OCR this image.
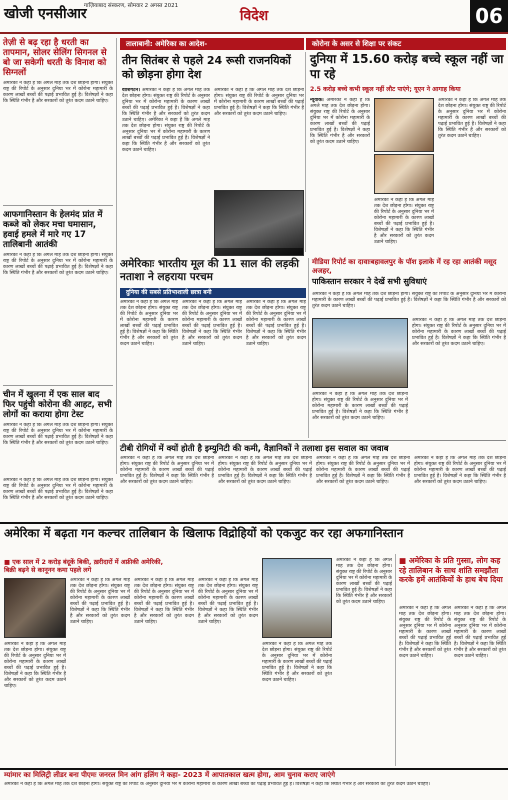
खोजी एनसीआर
गाज़ियाबाद संस्करण, सोमवार 2 अगस्त 2021
विदेश	06
तेज़ी से बढ़ रहा है धरती का तापमान, सोलर सेलिंग सिगनल से बो जा सकेगी धरती के विनाश को सिग्नलों
अमेरिका ने कहा है कि अगले माह तक देश छोड़ना होगा। संयुक्त राष्ट्र की रिपोर्ट के अनुसार दुनिया भर में कोरोना महामारी के कारण लाखों बच्चों की पढ़ाई प्रभावित हुई है। विशेषज्ञों ने कहा कि स्थिति गंभीर है और सरकारों को तुरंत कदम उठाने चाहिए।
आफगानिस्तान के हेलमंद प्रांत में कब्जे को लेकर मचा घमासान, हवाई हमले में मारे गए 17 तालिबानी आतंकी
अमेरिका ने कहा है कि अगले माह तक देश छोड़ना होगा। संयुक्त राष्ट्र की रिपोर्ट के अनुसार दुनिया भर में कोरोना महामारी के कारण लाखों बच्चों की पढ़ाई प्रभावित हुई है। विशेषज्ञों ने कहा कि स्थिति गंभीर है और सरकारों को तुरंत कदम उठाने चाहिए।
चीन में खुलना में एक साल बाद फिर पहुंची कोरोना की आहट, सभी लोगों का कराया होगा टेस्ट
अमेरिका ने कहा है कि अगले माह तक देश छोड़ना होगा। संयुक्त राष्ट्र की रिपोर्ट के अनुसार दुनिया भर में कोरोना महामारी के कारण लाखों बच्चों की पढ़ाई प्रभावित हुई है। विशेषज्ञों ने कहा कि स्थिति गंभीर है और सरकारों को तुरंत कदम उठाने चाहिए।
तालाबानी: अमेरिका का आदेश-	कोरोना के असर से शिक्षा पर संकट
तीन सितंबर से पहले 24 रूसी राजनयिकों को छोड़ना होगा देश
वाशिंगटन। अमेरिका ने कहा है कि अगले माह तक देश छोड़ना होगा। संयुक्त राष्ट्र की रिपोर्ट के अनुसार दुनिया भर में कोरोना महामारी के कारण लाखों बच्चों की पढ़ाई प्रभावित हुई है। विशेषज्ञों ने कहा कि स्थिति गंभीर है और सरकारों को तुरंत कदम उठाने चाहिए। अमेरिका ने कहा है कि अगले माह तक देश छोड़ना होगा। संयुक्त राष्ट्र की रिपोर्ट के अनुसार दुनिया भर में कोरोना महामारी के कारण लाखों बच्चों की पढ़ाई प्रभावित हुई है। विशेषज्ञों ने कहा कि स्थिति गंभीर है और सरकारों को तुरंत कदम उठाने चाहिए।
अमेरिका ने कहा है कि अगले माह तक देश छोड़ना होगा। संयुक्त राष्ट्र की रिपोर्ट के अनुसार दुनिया भर में कोरोना महामारी के कारण लाखों बच्चों की पढ़ाई प्रभावित हुई है। विशेषज्ञों ने कहा कि स्थिति गंभीर है और सरकारों को तुरंत कदम उठाने चाहिए।
दुनिया में 15.60 करोड़ बच्चे स्कूल नहीं जा पा रहे
2.5 करोड़ बच्चे कभी स्कूल नहीं लौट पाएंगे; यूएन ने आगाह किया
न्यूयॉर्क। अमेरिका ने कहा है कि अगले माह तक देश छोड़ना होगा। संयुक्त राष्ट्र की रिपोर्ट के अनुसार दुनिया भर में कोरोना महामारी के कारण लाखों बच्चों की पढ़ाई प्रभावित हुई है। विशेषज्ञों ने कहा कि स्थिति गंभीर है और सरकारों को तुरंत कदम उठाने चाहिए।
अमेरिका ने कहा है कि अगले माह तक देश छोड़ना होगा। संयुक्त राष्ट्र की रिपोर्ट के अनुसार दुनिया भर में कोरोना महामारी के कारण लाखों बच्चों की पढ़ाई प्रभावित हुई है। विशेषज्ञों ने कहा कि स्थिति गंभीर है और सरकारों को तुरंत कदम उठाने चाहिए।
अमेरिका ने कहा है कि अगले माह तक देश छोड़ना होगा। संयुक्त राष्ट्र की रिपोर्ट के अनुसार दुनिया भर में कोरोना महामारी के कारण लाखों बच्चों की पढ़ाई प्रभावित हुई है। विशेषज्ञों ने कहा कि स्थिति गंभीर है और सरकारों को तुरंत कदम उठाने चाहिए।
अमेरिकाः भारतीय मूल की 11 साल की लड़की नताशा ने लहराया परचम
दुनिया की सबसे प्रतिभाशाली छात्रा बनी
अमेरिका ने कहा है कि अगले माह तक देश छोड़ना होगा। संयुक्त राष्ट्र की रिपोर्ट के अनुसार दुनिया भर में कोरोना महामारी के कारण लाखों बच्चों की पढ़ाई प्रभावित हुई है। विशेषज्ञों ने कहा कि स्थिति गंभीर है और सरकारों को तुरंत कदम उठाने चाहिए।
अमेरिका ने कहा है कि अगले माह तक देश छोड़ना होगा। संयुक्त राष्ट्र की रिपोर्ट के अनुसार दुनिया भर में कोरोना महामारी के कारण लाखों बच्चों की पढ़ाई प्रभावित हुई है। विशेषज्ञों ने कहा कि स्थिति गंभीर है और सरकारों को तुरंत कदम उठाने चाहिए।
अमेरिका ने कहा है कि अगले माह तक देश छोड़ना होगा। संयुक्त राष्ट्र की रिपोर्ट के अनुसार दुनिया भर में कोरोना महामारी के कारण लाखों बच्चों की पढ़ाई प्रभावित हुई है। विशेषज्ञों ने कहा कि स्थिति गंभीर है और सरकारों को तुरंत कदम उठाने चाहिए।
मीडिया रिपोर्ट का दावाःबहावलपुर के पॉश इलाके में रह रहा आतंकी मसूद अजहर,
पाकिस्तान सरकार ने देखें सभी सुविधाएं
अमेरिका ने कहा है कि अगले माह तक देश छोड़ना होगा। संयुक्त राष्ट्र की रिपोर्ट के अनुसार दुनिया भर में कोरोना महामारी के कारण लाखों बच्चों की पढ़ाई प्रभावित हुई है। विशेषज्ञों ने कहा कि स्थिति गंभीर है और सरकारों को तुरंत कदम उठाने चाहिए।
अमेरिका ने कहा है कि अगले माह तक देश छोड़ना होगा। संयुक्त राष्ट्र की रिपोर्ट के अनुसार दुनिया भर में कोरोना महामारी के कारण लाखों बच्चों की पढ़ाई प्रभावित हुई है। विशेषज्ञों ने कहा कि स्थिति गंभीर है और सरकारों को तुरंत कदम उठाने चाहिए।
अमेरिका ने कहा है कि अगले माह तक देश छोड़ना होगा। संयुक्त राष्ट्र की रिपोर्ट के अनुसार दुनिया भर में कोरोना महामारी के कारण लाखों बच्चों की पढ़ाई प्रभावित हुई है। विशेषज्ञों ने कहा कि स्थिति गंभीर है और सरकारों को तुरंत कदम उठाने चाहिए।
टीबी रोगियों में क्यों होती है इम्युनिटी की कमी, वैज्ञानिकों ने तलाशा इस सवाल का जवाब
अमेरिका ने कहा है कि अगले माह तक देश छोड़ना होगा। संयुक्त राष्ट्र की रिपोर्ट के अनुसार दुनिया भर में कोरोना महामारी के कारण लाखों बच्चों की पढ़ाई प्रभावित हुई है। विशेषज्ञों ने कहा कि स्थिति गंभीर है और सरकारों को तुरंत कदम उठाने चाहिए।
अमेरिका ने कहा है कि अगले माह तक देश छोड़ना होगा। संयुक्त राष्ट्र की रिपोर्ट के अनुसार दुनिया भर में कोरोना महामारी के कारण लाखों बच्चों की पढ़ाई प्रभावित हुई है। विशेषज्ञों ने कहा कि स्थिति गंभीर है और सरकारों को तुरंत कदम उठाने चाहिए।
अमेरिका ने कहा है कि अगले माह तक देश छोड़ना होगा। संयुक्त राष्ट्र की रिपोर्ट के अनुसार दुनिया भर में कोरोना महामारी के कारण लाखों बच्चों की पढ़ाई प्रभावित हुई है। विशेषज्ञों ने कहा कि स्थिति गंभीर है और सरकारों को तुरंत कदम उठाने चाहिए।
अमेरिका ने कहा है कि अगले माह तक देश छोड़ना होगा। संयुक्त राष्ट्र की रिपोर्ट के अनुसार दुनिया भर में कोरोना महामारी के कारण लाखों बच्चों की पढ़ाई प्रभावित हुई है। विशेषज्ञों ने कहा कि स्थिति गंभीर है और सरकारों को तुरंत कदम उठाने चाहिए।
अमेरिका ने कहा है कि अगले माह तक देश छोड़ना होगा। संयुक्त राष्ट्र की रिपोर्ट के अनुसार दुनिया भर में कोरोना महामारी के कारण लाखों बच्चों की पढ़ाई प्रभावित हुई है। विशेषज्ञों ने कहा कि स्थिति गंभीर है और सरकारों को तुरंत कदम उठाने चाहिए।
अमेरिका में बढ़ता गन कल्चर तालिबान के खिलाफ विद्रोहियों को एकजुट कर रहा अफगानिस्तान
■ एक साल में 2 करोड़ बंदूकें बिकी, ख़रीदारों में अफ्रीकी अमेरिकी, बिक्री बढ़ने से कानूनन कमा पहले लगे
अमेरिका ने कहा है कि अगले माह तक देश छोड़ना होगा। संयुक्त राष्ट्र की रिपोर्ट के अनुसार दुनिया भर में कोरोना महामारी के कारण लाखों बच्चों की पढ़ाई प्रभावित हुई है। विशेषज्ञों ने कहा कि स्थिति गंभीर है और सरकारों को तुरंत कदम उठाने चाहिए।
अमेरिका ने कहा है कि अगले माह तक देश छोड़ना होगा। संयुक्त राष्ट्र की रिपोर्ट के अनुसार दुनिया भर में कोरोना महामारी के कारण लाखों बच्चों की पढ़ाई प्रभावित हुई है। विशेषज्ञों ने कहा कि स्थिति गंभीर है और सरकारों को तुरंत कदम उठाने चाहिए।
अमेरिका ने कहा है कि अगले माह तक देश छोड़ना होगा। संयुक्त राष्ट्र की रिपोर्ट के अनुसार दुनिया भर में कोरोना महामारी के कारण लाखों बच्चों की पढ़ाई प्रभावित हुई है। विशेषज्ञों ने कहा कि स्थिति गंभीर है और सरकारों को तुरंत कदम उठाने चाहिए।
अमेरिका ने कहा है कि अगले माह तक देश छोड़ना होगा। संयुक्त राष्ट्र की रिपोर्ट के अनुसार दुनिया भर में कोरोना महामारी के कारण लाखों बच्चों की पढ़ाई प्रभावित हुई है। विशेषज्ञों ने कहा कि स्थिति गंभीर है और सरकारों को तुरंत कदम उठाने चाहिए।
अमेरिका ने कहा है कि अगले माह तक देश छोड़ना होगा। संयुक्त राष्ट्र की रिपोर्ट के अनुसार दुनिया भर में कोरोना महामारी के कारण लाखों बच्चों की पढ़ाई प्रभावित हुई है। विशेषज्ञों ने कहा कि स्थिति गंभीर है और सरकारों को तुरंत कदम उठाने चाहिए।
अमेरिका ने कहा है कि अगले माह तक देश छोड़ना होगा। संयुक्त राष्ट्र की रिपोर्ट के अनुसार दुनिया भर में कोरोना महामारी के कारण लाखों बच्चों की पढ़ाई प्रभावित हुई है। विशेषज्ञों ने कहा कि स्थिति गंभीर है और सरकारों को तुरंत कदम उठाने चाहिए।
■ अमेरिका के प्रति गुस्सा, लोग कह रहे तालिबान के साथ शांति समझौता करके हमें आतंकियों के हाथ बेच दिया
अमेरिका ने कहा है कि अगले माह तक देश छोड़ना होगा। संयुक्त राष्ट्र की रिपोर्ट के अनुसार दुनिया भर में कोरोना महामारी के कारण लाखों बच्चों की पढ़ाई प्रभावित हुई है। विशेषज्ञों ने कहा कि स्थिति गंभीर है और सरकारों को तुरंत कदम उठाने चाहिए।
अमेरिका ने कहा है कि अगले माह तक देश छोड़ना होगा। संयुक्त राष्ट्र की रिपोर्ट के अनुसार दुनिया भर में कोरोना महामारी के कारण लाखों बच्चों की पढ़ाई प्रभावित हुई है। विशेषज्ञों ने कहा कि स्थिति गंभीर है और सरकारों को तुरंत कदम उठाने चाहिए।
म्यांमार का मिलिट्री लीडर बना पीएमः जनरल मिन आंग हलिंग ने कहा- 2023 में आपातकाल खत्म होगा, आम चुनाव कराए जाएंगे
अमेरिका ने कहा है कि अगले माह तक देश छोड़ना होगा। संयुक्त राष्ट्र की रिपोर्ट के अनुसार दुनिया भर में कोरोना महामारी के कारण लाखों बच्चों की पढ़ाई प्रभावित हुई है। विशेषज्ञों ने कहा कि स्थिति गंभीर है और सरकारों को तुरंत कदम उठाने चाहिए।
